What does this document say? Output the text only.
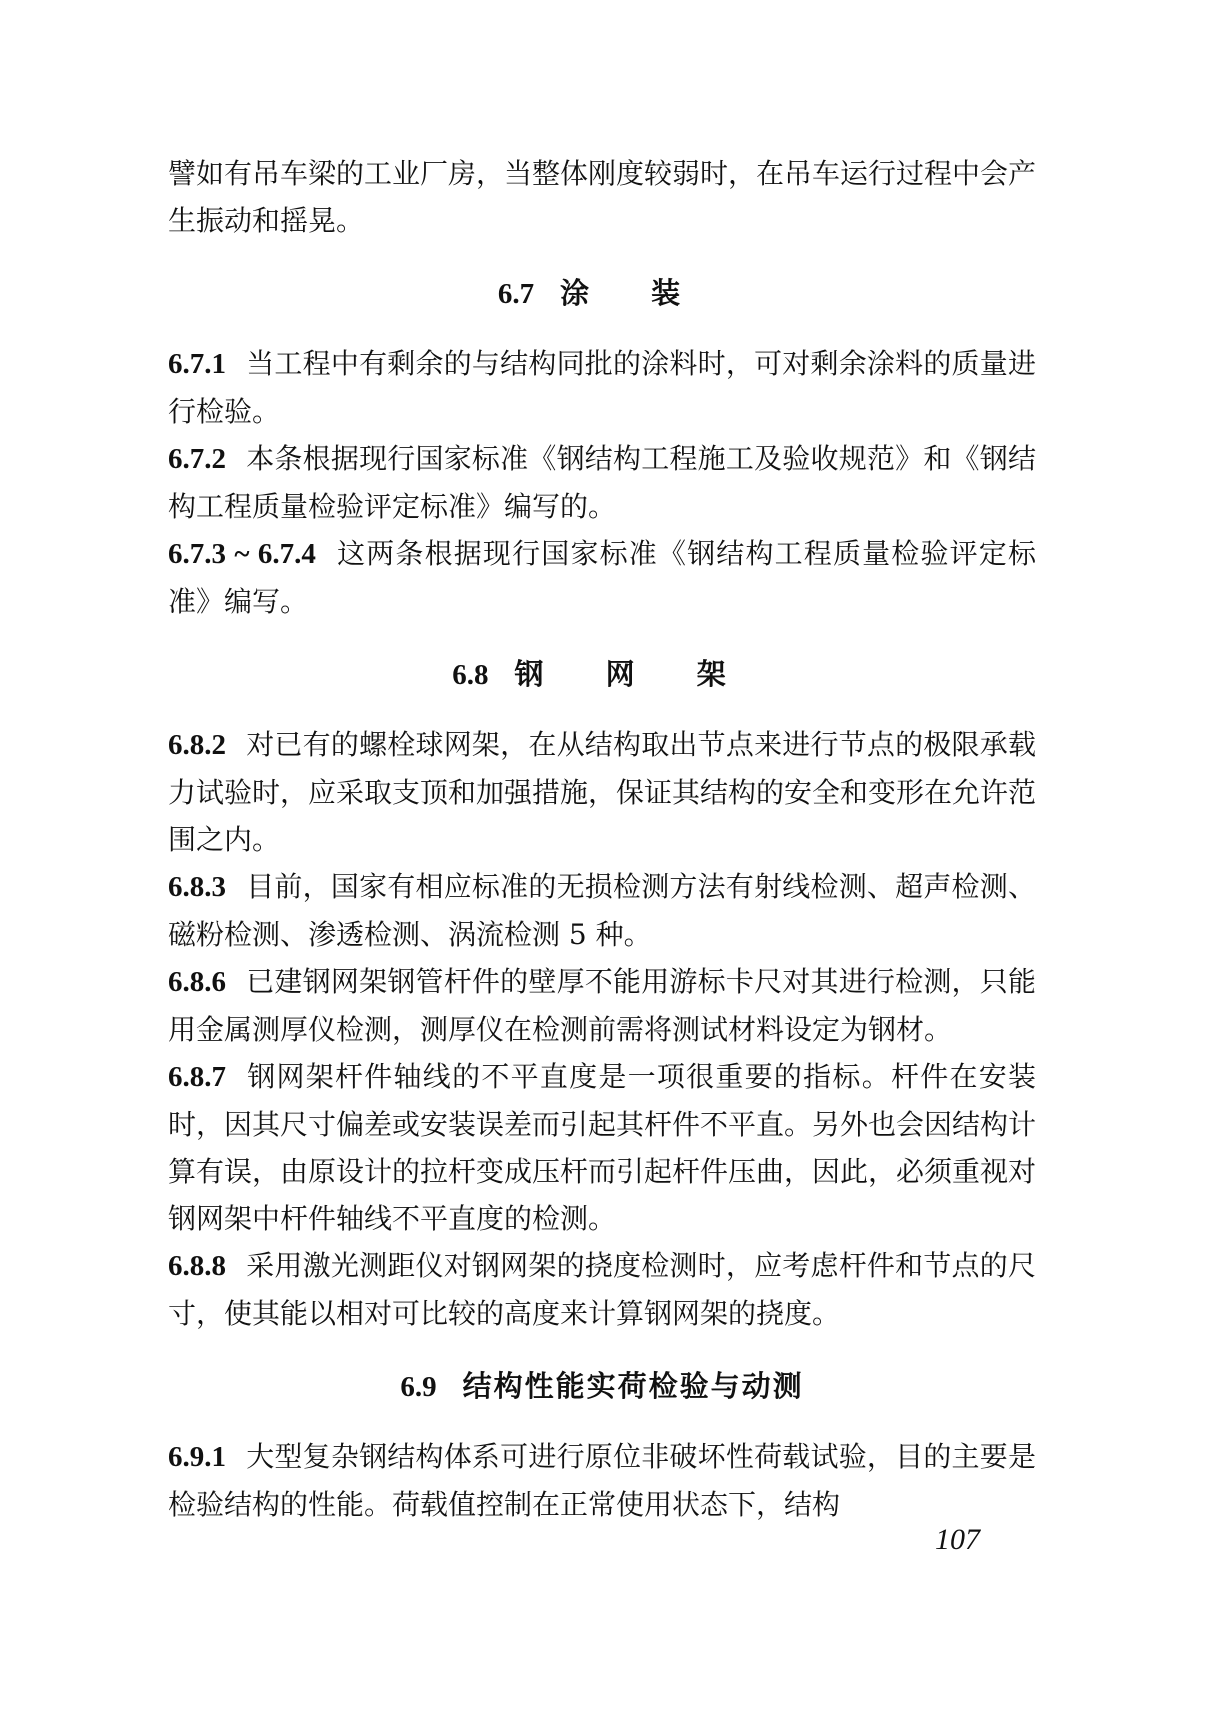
譬如有吊车梁的工业厂房，当整体刚度较弱时，在吊车运行过程中会产生振动和摇晃。

6.7 涂 装

6.7.1 当工程中有剩余的与结构同批的涂料时，可对剩余涂料的质量进行检验。

6.7.2 本条根据现行国家标准《钢结构工程施工及验收规范》和《钢结构工程质量检验评定标准》编写的。

6.7.3 ~ 6.7.4 这两条根据现行国家标准《钢结构工程质量检验评定标准》编写。

6.8 钢 网 架

6.8.2 对已有的螺栓球网架，在从结构取出节点来进行节点的极限承载力试验时，应采取支顶和加强措施，保证其结构的安全和变形在允许范围之内。

6.8.3 目前，国家有相应标准的无损检测方法有射线检测、超声检测、磁粉检测、渗透检测、涡流检测 5 种。

6.8.6 已建钢网架钢管杆件的壁厚不能用游标卡尺对其进行检测，只能用金属测厚仪检测，测厚仪在检测前需将测试材料设定为钢材。

6.8.7 钢网架杆件轴线的不平直度是一项很重要的指标。杆件在安装时，因其尺寸偏差或安装误差而引起其杆件不平直。另外也会因结构计算有误，由原设计的拉杆变成压杆而引起杆件压曲，因此，必须重视对钢网架中杆件轴线不平直度的检测。

6.8.8 采用激光测距仪对钢网架的挠度检测时，应考虑杆件和节点的尺寸，使其能以相对可比较的高度来计算钢网架的挠度。

6.9 结构性能实荷检验与动测

6.9.1 大型复杂钢结构体系可进行原位非破坏性荷载试验，目的主要是检验结构的性能。荷载值控制在正常使用状态下，结构

107
